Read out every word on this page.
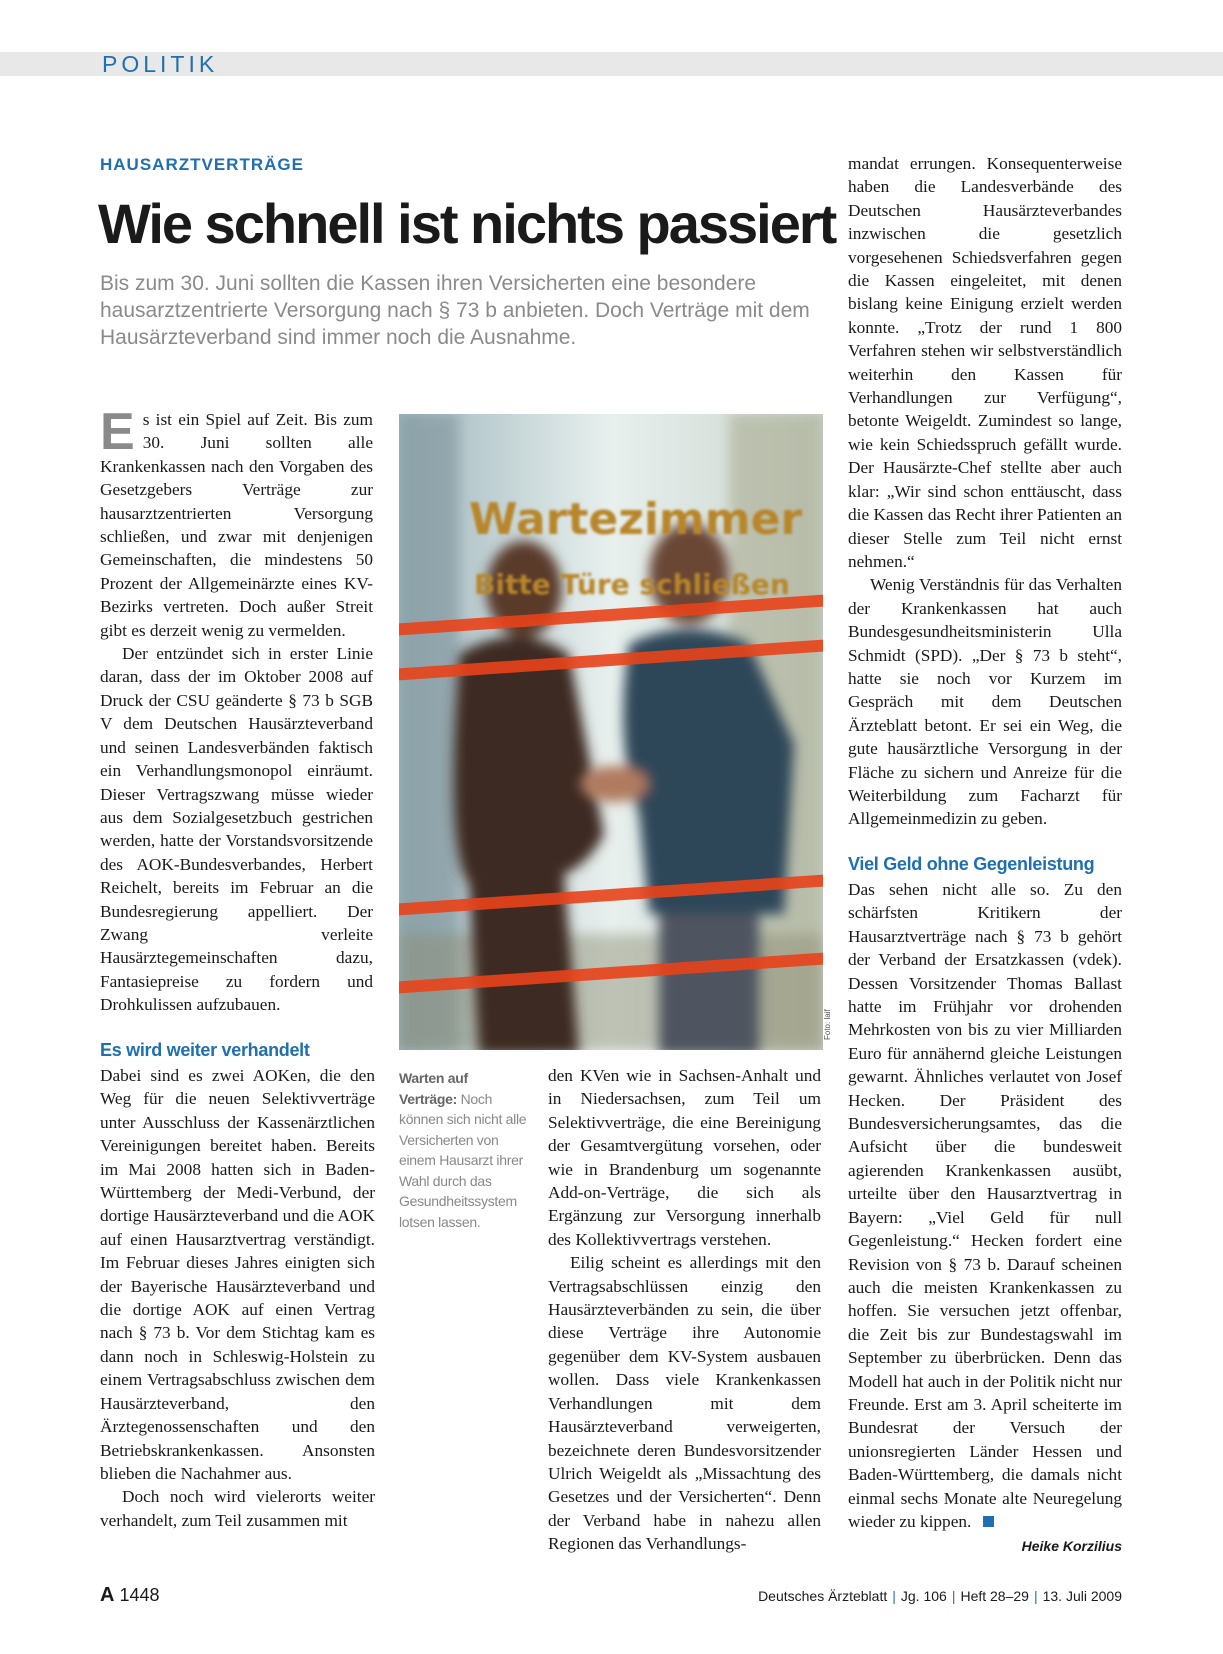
POLITIK
HAUSARZTVERTRÄGE
Wie schnell ist nichts passiert
Bis zum 30. Juni sollten die Kassen ihren Versicherten eine besondere hausarztzentrierte Versorgung nach § 73 b anbieten. Doch Verträge mit dem Hausärzteverband sind immer noch die Ausnahme.
E s ist ein Spiel auf Zeit. Bis zum 30. Juni sollten alle Krankenkassen nach den Vorgaben des Gesetzgebers Verträge zur hausarztzentrierten Versorgung schließen, und zwar mit denjenigen Gemeinschaften, die mindestens 50 Prozent der Allgemeinärzte eines KV-Bezirks vertreten. Doch außer Streit gibt es derzeit wenig zu vermelden.

Der entzündet sich in erster Linie daran, dass der im Oktober 2008 auf Druck der CSU geänderte § 73 b SGB V dem Deutschen Hausärzteverband und seinen Landesverbänden faktisch ein Verhandlungsmonopol einräumt. Dieser Vertragszwang müsse wieder aus dem Sozialgesetzbuch gestrichen werden, hatte der Vorstandsvorsitzende des AOK-Bundesverbandes, Herbert Reichelt, bereits im Februar an die Bundesregierung appelliert. Der Zwang verleite Hausärztegemeinschaften dazu, Fantasiepreise zu fordern und Drohkulissen aufzubauen.

Es wird weiter verhandelt

Dabei sind es zwei AOKen, die den Weg für die neuen Selektivverträge unter Ausschluss der Kassenärztlichen Vereinigungen bereitet haben. Bereits im Mai 2008 hatten sich in Baden-Württemberg der Medi-Verbund, der dortige Hausärzteverband und die AOK auf einen Hausarztvertrag verständigt. Im Februar dieses Jahres einigten sich der Bayerische Hausärzteverband und die dortige AOK auf einen Vertrag nach § 73 b. Vor dem Stichtag kam es dann noch in Schleswig-Holstein zu einem Vertragsabschluss zwischen dem Hausärzteverband, den Ärztegenossenschaften und den Betriebskrankenkassen. Ansonsten blieben die Nachahmer aus.

Doch noch wird vielerorts weiter verhandelt, zum Teil zusammen mit

Wartezimmer
Bitte Türe schließen
Foto: laif
Warten auf Verträge: Noch können sich nicht alle Versicherten von einem Hausarzt ihrer Wahl durch das Gesundheitssystem lotsen lassen.

den KVen wie in Sachsen-Anhalt und in Niedersachsen, zum Teil um Selektivverträge, die eine Bereinigung der Gesamtvergütung vorsehen, oder wie in Brandenburg um sogenannte Add-on-Verträge, die sich als Ergänzung zur Versorgung innerhalb des Kollektivvertrags verstehen.

Eilig scheint es allerdings mit den Vertragsabschlüssen einzig den Hausärzteverbänden zu sein, die über diese Verträge ihre Autonomie gegenüber dem KV-System ausbauen wollen. Dass viele Krankenkassen Verhandlungen mit dem Hausärzteverband verweigerten, bezeichnete deren Bundesvorsitzender Ulrich Weigeldt als „Missachtung des Gesetzes und der Versicherten“. Denn der Verband habe in nahezu allen Regionen das Verhandlungs-

mandat errungen. Konsequenterweise haben die Landesverbände des Deutschen Hausärzteverbandes inzwischen die gesetzlich vorgesehenen Schiedsverfahren gegen die Kassen eingeleitet, mit denen bislang keine Einigung erzielt werden konnte. „Trotz der rund 1 800 Verfahren stehen wir selbstverständlich weiterhin den Kassen für Verhandlungen zur Verfügung“, betonte Weigeldt. Zumindest so lange, wie kein Schiedsspruch gefällt wurde. Der Hausärzte-Chef stellte aber auch klar: „Wir sind schon enttäuscht, dass die Kassen das Recht ihrer Patienten an dieser Stelle zum Teil nicht ernst nehmen.“

Wenig Verständnis für das Verhalten der Krankenkassen hat auch Bundesgesundheitsministerin Ulla Schmidt (SPD). „Der § 73 b steht“, hatte sie noch vor Kurzem im Gespräch mit dem Deutschen Ärzteblatt betont. Er sei ein Weg, die gute hausärztliche Versorgung in der Fläche zu sichern und Anreize für die Weiterbildung zum Facharzt für Allgemeinmedizin zu geben.

Viel Geld ohne Gegenleistung

Das sehen nicht alle so. Zu den schärfsten Kritikern der Hausarztverträge nach § 73 b gehört der Verband der Ersatzkassen (vdek). Dessen Vorsitzender Thomas Ballast hatte im Frühjahr vor drohenden Mehrkosten von bis zu vier Milliarden Euro für annähernd gleiche Leistungen gewarnt. Ähnliches verlautet von Josef Hecken. Der Präsident des Bundesversicherungsamtes, das die Aufsicht über die bundesweit agierenden Krankenkassen ausübt, urteilte über den Hausarztvertrag in Bayern: „Viel Geld für null Gegenleistung.“ Hecken fordert eine Revision von § 73 b. Darauf scheinen auch die meisten Krankenkassen zu hoffen. Sie versuchen jetzt offenbar, die Zeit bis zur Bundestagswahl im September zu überbrücken. Denn das Modell hat auch in der Politik nicht nur Freunde. Erst am 3. April scheiterte im Bundesrat der Versuch der unionsregierten Länder Hessen und Baden-Württemberg, die damals nicht einmal sechs Monate alte Neuregelung wieder zu kippen.

Heike Korzilius
A 1448	Deutsches Ärzteblatt | Jg. 106 | Heft 28–29 | 13. Juli 2009
